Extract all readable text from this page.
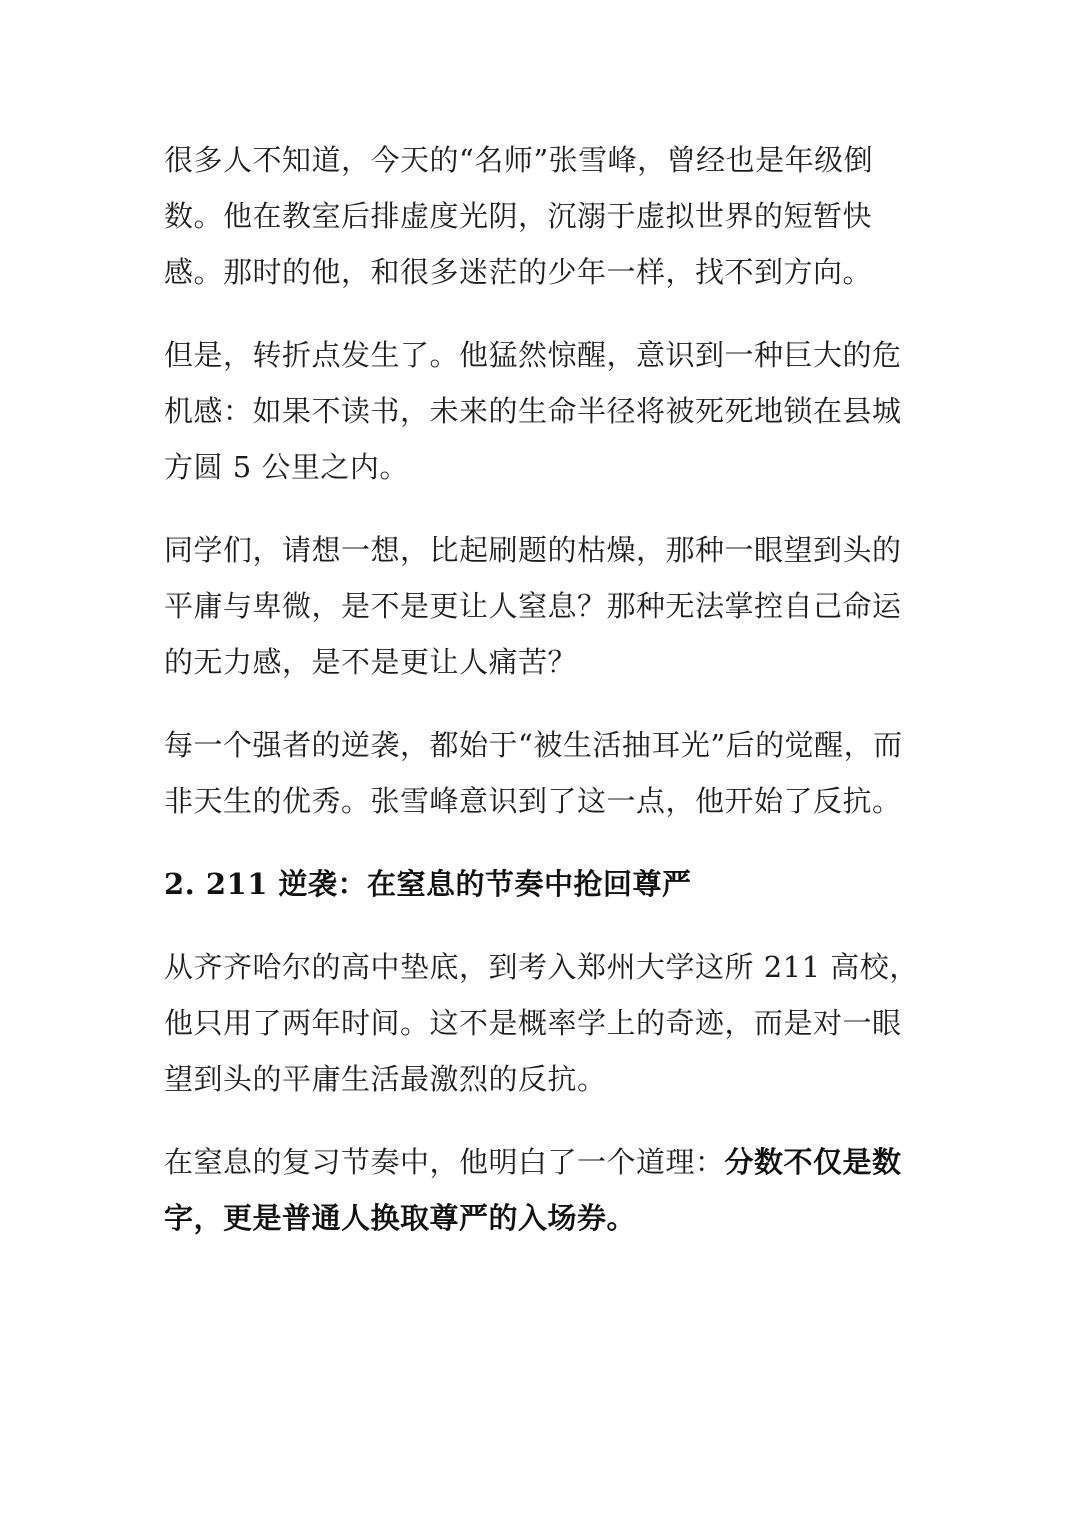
很多人不知道，今天的“名师”张雪峰，曾经也是年级倒数。他在教室后排虚度光阴，沉溺于虚拟世界的短暂快感。那时的他，和很多迷茫的少年一样，找不到方向。

但是，转折点发生了。他猛然惊醒，意识到一种巨大的危机感：如果不读书，未来的生命半径将被死死地锁在县城方圆 5 公里之内。

同学们，请想一想，比起刷题的枯燥，那种一眼望到头的平庸与卑微，是不是更让人窒息？那种无法掌控自己命运的无力感，是不是更让人痛苦？

每一个强者的逆袭，都始于“被生活抽耳光”后的觉醒，而非天生的优秀。张雪峰意识到了这一点，他开始了反抗。

2. 211 逆袭：在窒息的节奏中抢回尊严

从齐齐哈尔的高中垫底，到考入郑州大学这所 211 高校，他只用了两年时间。这不是概率学上的奇迹，而是对一眼望到头的平庸生活最激烈的反抗。

在窒息的复习节奏中，他明白了一个道理：分数不仅是数字，更是普通人换取尊严的入场券。
